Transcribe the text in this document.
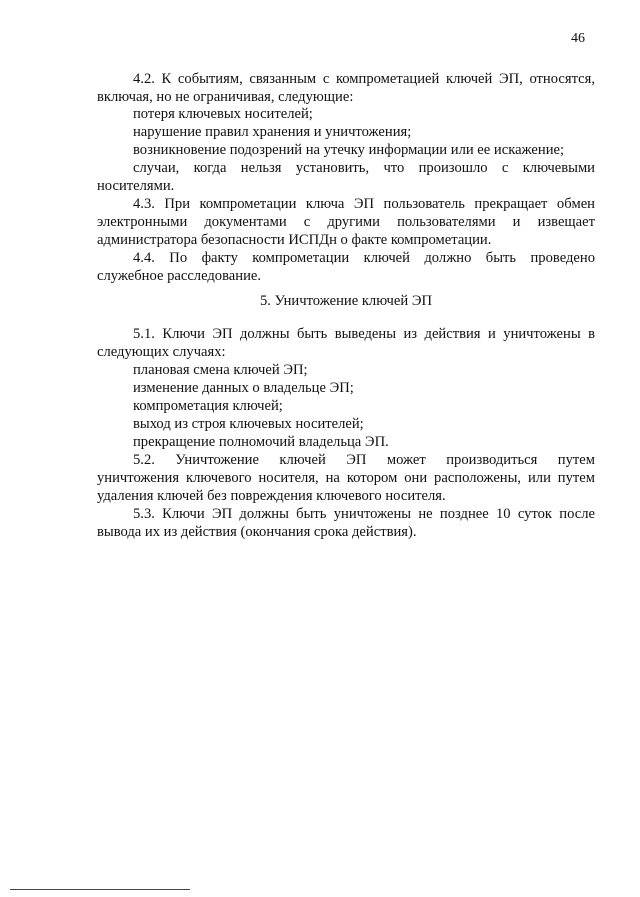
46
4.2. К событиям, связанным с компрометацией ключей ЭП, относятся,
включая, но не ограничивая, следующие:
потеря ключевых носителей;
нарушение правил хранения и уничтожения;
возникновение подозрений на утечку информации или ее искажение;
случаи, когда нельзя установить, что произошло с ключевыми
носителями.
4.3. При компрометации ключа ЭП пользователь прекращает обмен
электронными документами с другими пользователями и извещает
администратора безопасности ИСПДн о факте компрометации.
4.4. По факту компрометации ключей должно быть проведено
служебное расследование.
5. Уничтожение ключей ЭП
5.1. Ключи ЭП должны быть выведены из действия и уничтожены в
следующих случаях:
плановая смена ключей ЭП;
изменение данных о владельце ЭП;
компрометация ключей;
выход из строя ключевых носителей;
прекращение полномочий владельца ЭП.
5.2. Уничтожение ключей ЭП может производиться путем
уничтожения ключевого носителя, на котором они расположены, или путем
удаления ключей без повреждения ключевого носителя.
5.3. Ключи ЭП должны быть уничтожены не позднее 10 суток после
вывода их из действия (окончания срока действия).
